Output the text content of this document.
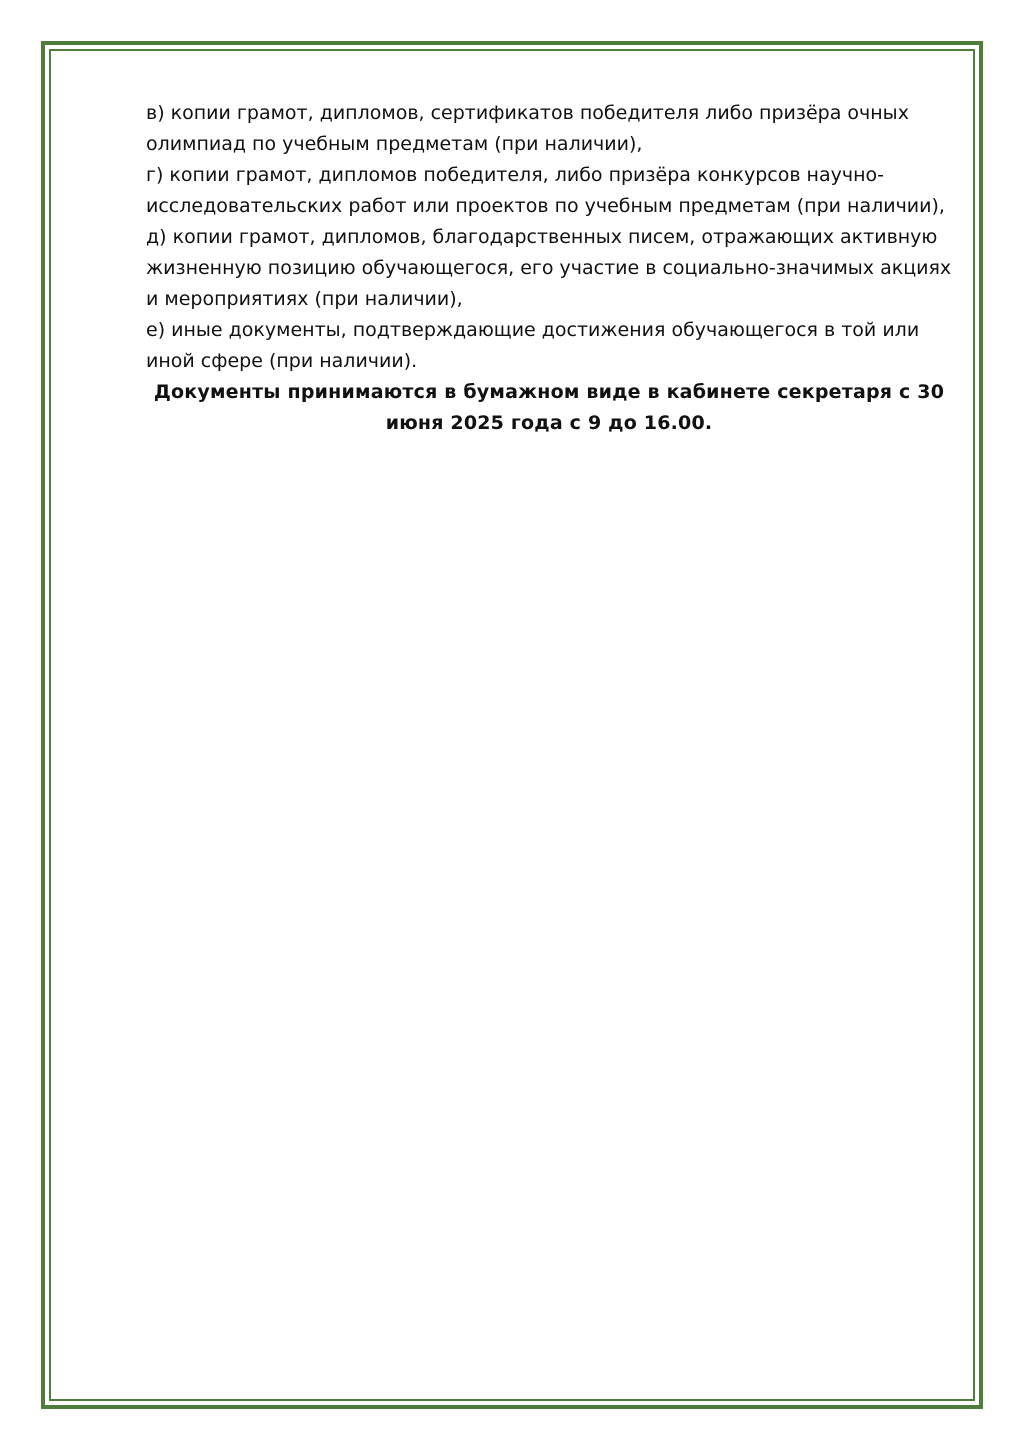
в) копии грамот, дипломов, сертификатов победителя либо призёра очных олимпиад по учебным предметам (при наличии),

г) копии грамот, дипломов победителя, либо призёра конкурсов научно-исследовательских работ или проектов по учебным предметам (при наличии),

д) копии грамот, дипломов, благодарственных писем, отражающих активную жизненную позицию обучающегося, его участие в социально-значимых акциях и мероприятиях (при наличии),

е) иные документы, подтверждающие достижения обучающегося в той или иной сфере (при наличии).

Документы принимаются в бумажном виде в кабинете секретаря с 30 июня 2025 года с 9 до 16.00.
